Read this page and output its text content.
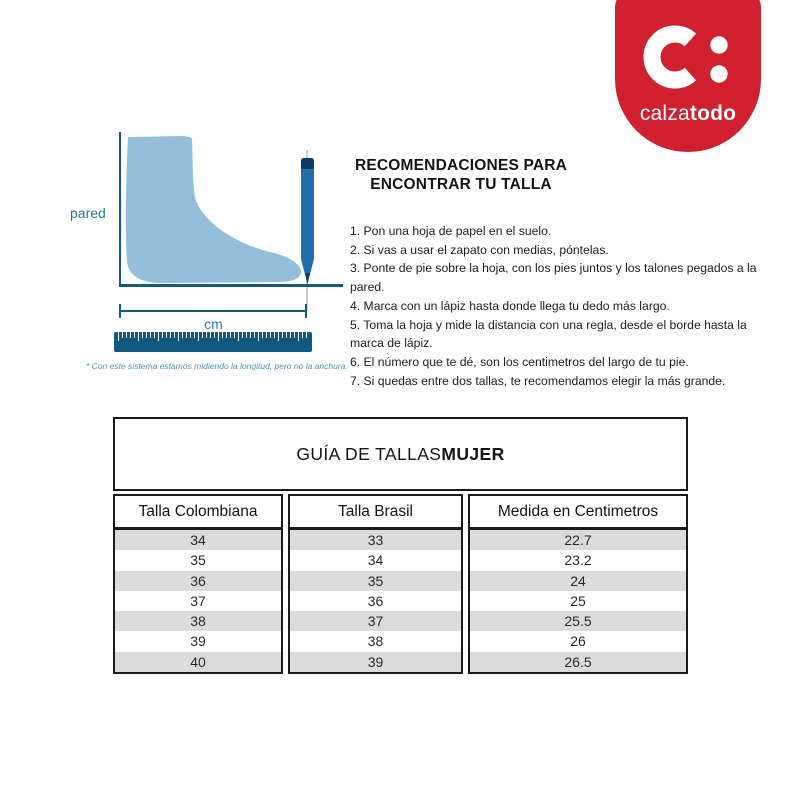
calzatodo
pared
cm
* Con este sistema estamos midiendo la longitud, pero no la anchura.
RECOMENDACIONES PARA
ENCONTRAR TU TALLA
1. Pon una hoja de papel en el suelo.
2. Si vas a usar el zapato con medias, póntelas.
3. Ponte de pie sobre la hoja, con los pies juntos y los talones pegados a la pared.
4. Marca con un lápiz hasta donde llega tu dedo más largo.
5. Toma la hoja y mide la distancia con una regla, desde el borde hasta la marca de lápiz.
6. El número que te dé, son los centimetros del largo de tu pie.
7. Si quedas entre dos tallas, te recomendamos elegir la más grande.
GUÍA DE TALLAS MUJER
Talla Colombiana
34
35
36
37
38
39
40
Talla Brasil
33
34
35
36
37
38
39
Medida en Centimetros
22.7
23.2
24
25
25.5
26
26.5
